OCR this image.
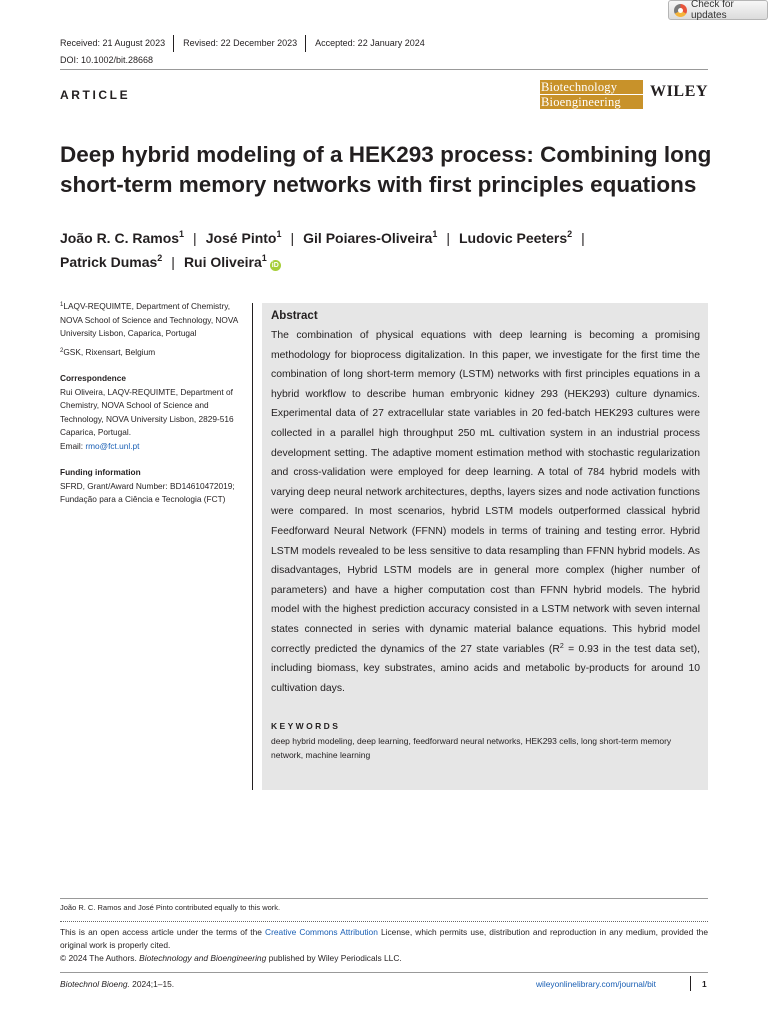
Check for updates
Received: 21 August 2023	Revised: 22 December 2023	Accepted: 22 January 2024
DOI: 10.1002/bit.28668
ARTICLE
Biotechnology
Bioengineering
WILEY
Deep hybrid modeling of a HEK293 process: Combining long short-term memory networks with first principles equations
João R. C. Ramos$^1$ | José Pinto$^1$ | Gil Poiares-Oliveira$^1$ | Ludovic Peeters$^2$ |
Patrick Dumas$^2$ | Rui Oliveira$^1$iD

$^1$LAQV-REQUIMTE, Department of Chemistry, NOVA School of Science and Technology, NOVA University Lisbon, Caparica, Portugal

$^2$GSK, Rixensart, Belgium

Correspondence

Rui Oliveira, LAQV-REQUIMTE, Department of Chemistry, NOVA School of Science and Technology, NOVA University Lisbon, 2829-516 Caparica, Portugal.

Email: rmo@fct.unl.pt

Funding information

SFRD, Grant/Award Number: BD14610472019; Fundação para a Ciência e Tecnologia (FCT)

Abstract

The combination of physical equations with deep learning is becoming a promising methodology for bioprocess digitalization. In this paper, we investigate for the first time the combination of long short-term memory (LSTM) networks with first principles equations in a hybrid workflow to describe human embryonic kidney 293 (HEK293) culture dynamics. Experimental data of 27 extracellular state variables in 20 fed-batch HEK293 cultures were collected in a parallel high throughput 250 mL cultivation system in an industrial process development setting. The adaptive moment estimation method with stochastic regularization and cross-validation were employed for deep learning. A total of 784 hybrid models with varying deep neural network architectures, depths, layers sizes and node activation functions were compared. In most scenarios, hybrid LSTM models outperformed classical hybrid Feedforward Neural Network (FFNN) models in terms of training and testing error. Hybrid LSTM models revealed to be less sensitive to data resampling than FFNN hybrid models. As disadvantages, Hybrid LSTM models are in general more complex (higher number of parameters) and have a higher computation cost than FFNN hybrid models. The hybrid model with the highest prediction accuracy consisted in a LSTM network with seven internal states connected in series with dynamic material balance equations. This hybrid model correctly predicted the dynamics of the 27 state variables ($R^2 = 0.93$ in the test data set), including biomass, key substrates, amino acids and metabolic by-products for around 10 cultivation days.

KEYWORDS
deep hybrid modeling, deep learning, feedforward neural networks, HEK293 cells, long short-term memory network, machine learning
João R. C. Ramos and José Pinto contributed equally to this work.
This is an open access article under the terms of the Creative Commons Attribution License, which permits use, distribution and reproduction in any medium, provided the original work is properly cited.
© 2024 The Authors. Biotechnology and Bioengineering published by Wiley Periodicals LLC.
Biotechnol Bioeng. 2024;1–15.	wileyonlinelibrary.com/journal/bit	1
